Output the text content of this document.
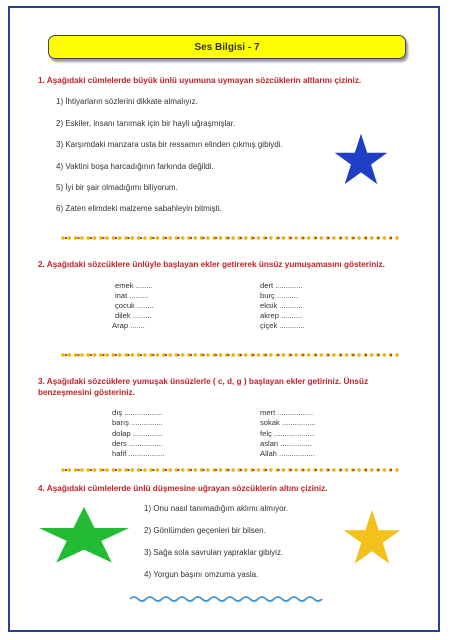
Ses Bilgisi - 7
1. Aşağıdaki cümlelerde büyük ünlü uyumuna uymayan sözcüklerin altlarını çiziniz.
1) İhtiyarların sözlerini dikkate almalıyız.
2) Eskiler, insanı tanımak için bir hayli uğraşmışlar.
3) Karşımdaki manzara usta bir ressamın elinden çıkmış gibiydi.
4) Vaktini boşa harcadığının farkında değildi.
5) İyi bir şair olmadığımı biliyorum.
6) Zaten elimdeki malzeme sabahleyin bitmişti.
2. Aşağıdaki sözcüklere ünlüyle başlayan ekler getirerek ünsüz yumuşamasını gösteriniz.
emek ........
inat .........
çocuk ........
dilek .........
Arap .......
dert .............
burç ..........
eksik ...........
akrep ..........
çiçek ............
3. Aşağıdaki sözcüklere yumuşak ünsüzlerle ( c, d, g ) başlayan ekler getiriniz. Ünsüz benzeşmesini gösteriniz.
dış ..................
barış ...............
dolap ..............
ders ................
hafif .................
mert .................
sokak ................
felç ...................
aslan ...............
Allah .................
4. Aşağıdaki cümlelerde ünlü düşmesine uğrayan sözcüklerin altını çiziniz.
1) Onu nasıl tanımadığım aklımı almıyor.
2) Gönlümden geçenleri bir bilsen.
3) Sağa sola savrulan yapraklar gibiyiz.
4) Yorgun başını omzuma yasla.
